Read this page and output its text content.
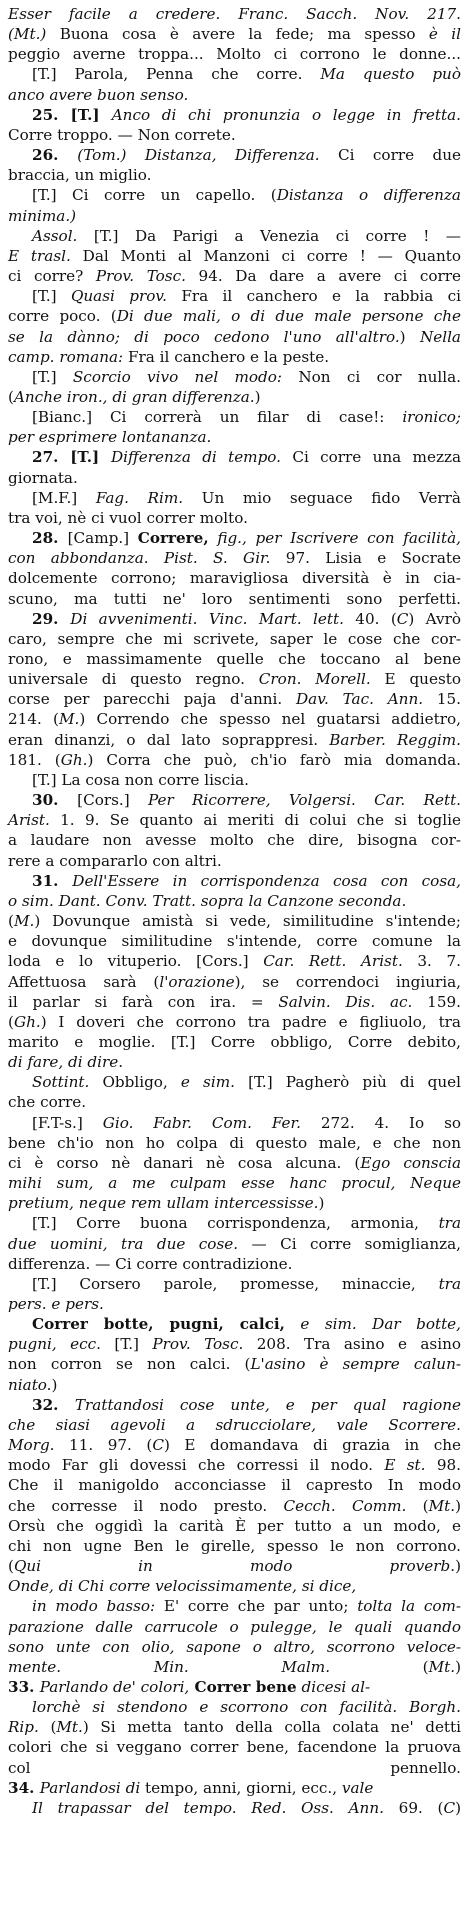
Esser facile a credere. Franc. Sacch. Nov. 217.
(Mt.) Buona cosa è avere la fede; ma spesso è il
peggio averne troppa... Molto ci corrono le donne...
[T.] Parola, Penna che corre. Ma questo può
anco avere buon senso.
25. [T.] Anco di chi pronunzia o legge in fretta.
Corre troppo. — Non correte.
26. (Tom.) Distanza, Differenza. Ci corre due
braccia, un miglio.
[T.] Ci corre un capello. (Distanza o differenza
minima.)
Assol. [T.] Da Parigi a Venezia ci corre ! —
E trasl. Dal Monti al Manzoni ci corre ! — Quanto
ci corre? Prov. Tosc. 94. Da dare a avere ci corre
[T.] Quasi prov. Fra il canchero e la rabbia ci
corre poco. (Di due mali, o di due male persone che
se la dànno; di poco cedono l'uno all'altro.) Nella
camp. romana: Fra il canchero e la peste.
[T.] Scorcio vivo nel modo: Non ci cor nulla.
(Anche iron., di gran differenza.)
[Bianc.] Ci correrà un filar di case!: ironico;
per esprimere lontananza.
27. [T.] Differenza di tempo. Ci corre una mezza
giornata.
[M.F.] Fag. Rim. Un mio seguace fido Verrà
tra voi, nè ci vuol correr molto.
28. [Camp.] Correre, fig., per Iscrivere con facilità,
con abbondanza. Pist. S. Gir. 97. Lisia e Socrate
dolcemente corrono; maravigliosa diversità è in cia-
scuno, ma tutti ne' loro sentimenti sono perfetti.
29. Di avvenimenti. Vinc. Mart. lett. 40. (C) Avrò
caro, sempre che mi scrivete, saper le cose che cor-
rono, e massimamente quelle che toccano al bene
universale di questo regno. Cron. Morell. E questo
corse per parecchi paja d'anni. Dav. Tac. Ann. 15.
214. (M.) Correndo che spesso nel guatarsi addietro,
eran dinanzi, o dal lato soprappresi. Barber. Reggim.
181. (Gh.) Corra che può, ch'io farò mia domanda.
[T.] La cosa non corre liscia.
30. [Cors.] Per Ricorrere, Volgersi. Car. Rett.
Arist. 1. 9. Se quanto ai meriti di colui che si toglie
a laudare non avesse molto che dire, bisogna cor-
rere a compararlo con altri.
31. Dell'Essere in corrispondenza cosa con cosa,
o sim. Dant. Conv. Tratt. sopra la Canzone seconda.
(M.) Dovunque amistà si vede, similitudine s'intende;
e dovunque similitudine s'intende, corre comune la
loda e lo vituperio. [Cors.] Car. Rett. Arist. 3. 7.
Affettuosa sarà (l'orazione), se correndoci ingiuria,
il parlar si farà con ira. = Salvin. Dis. ac. 159.
(Gh.) I doveri che corrono tra padre e figliuolo, tra
marito e moglie. [T.] Corre obbligo, Corre debito,
di fare, di dire.
Sottint. Obbligo, e sim. [T.] Pagherò più di quel
che corre.
[F.T-s.] Gio. Fabr. Com. Fer. 272. 4. Io so
bene ch'io non ho colpa di questo male, e che non
ci è corso nè danari nè cosa alcuna. (Ego conscia
mihi sum, a me culpam esse hanc procul, Neque
pretium, neque rem ullam intercessisse.)
[T.] Corre buona corrispondenza, armonia, tra
due uomini, tra due cose. — Ci corre somiglianza,
differenza. — Ci corre contradizione.
[T.] Corsero parole, promesse, minaccie, tra
pers. e pers.
Correr botte, pugni, calci, e sim. Dar botte,
pugni, ecc. [T.] Prov. Tosc. 208. Tra asino e asino
non corron se non calci. (L'asino è sempre calun-
niato.)
32. Trattandosi cose unte, e per qual ragione
che siasi agevoli a sdrucciolare, vale Scorrere.
Morg. 11. 97. (C) E domandava di grazia in che
modo Far gli dovessi che corressi il nodo. E st. 98.
Che il manigoldo acconciasse il capresto In modo
che corresse il nodo presto. Cecch. Comm. (Mt.)
Orsù che oggidì la carità È per tutto a un modo, e
chi non ugne Ben le girelle, spesso le non corrono.
(Qui in modo proverb.)
Onde, di Chi corre velocissimamente, si dice,
in modo basso: E' corre che par unto; tolta la com-
parazione dalle carrucole o pulegge, le quali quando
sono unte con olio, sapone o altro, scorrono veloce-
mente. Min. Malm. (Mt.)
33. Parlando de' colori, Correr bene dicesi al-
lorchè si stendono e scorrono con facilità. Borgh.
Rip. (Mt.) Si metta tanto della colla colata ne' detti
colori che si veggano correr bene, facendone la pruova
col pennello.
34. Parlandosi di tempo, anni, giorni, ecc., vale
Il trapassar del tempo. Red. Oss. Ann. 69. (C)
